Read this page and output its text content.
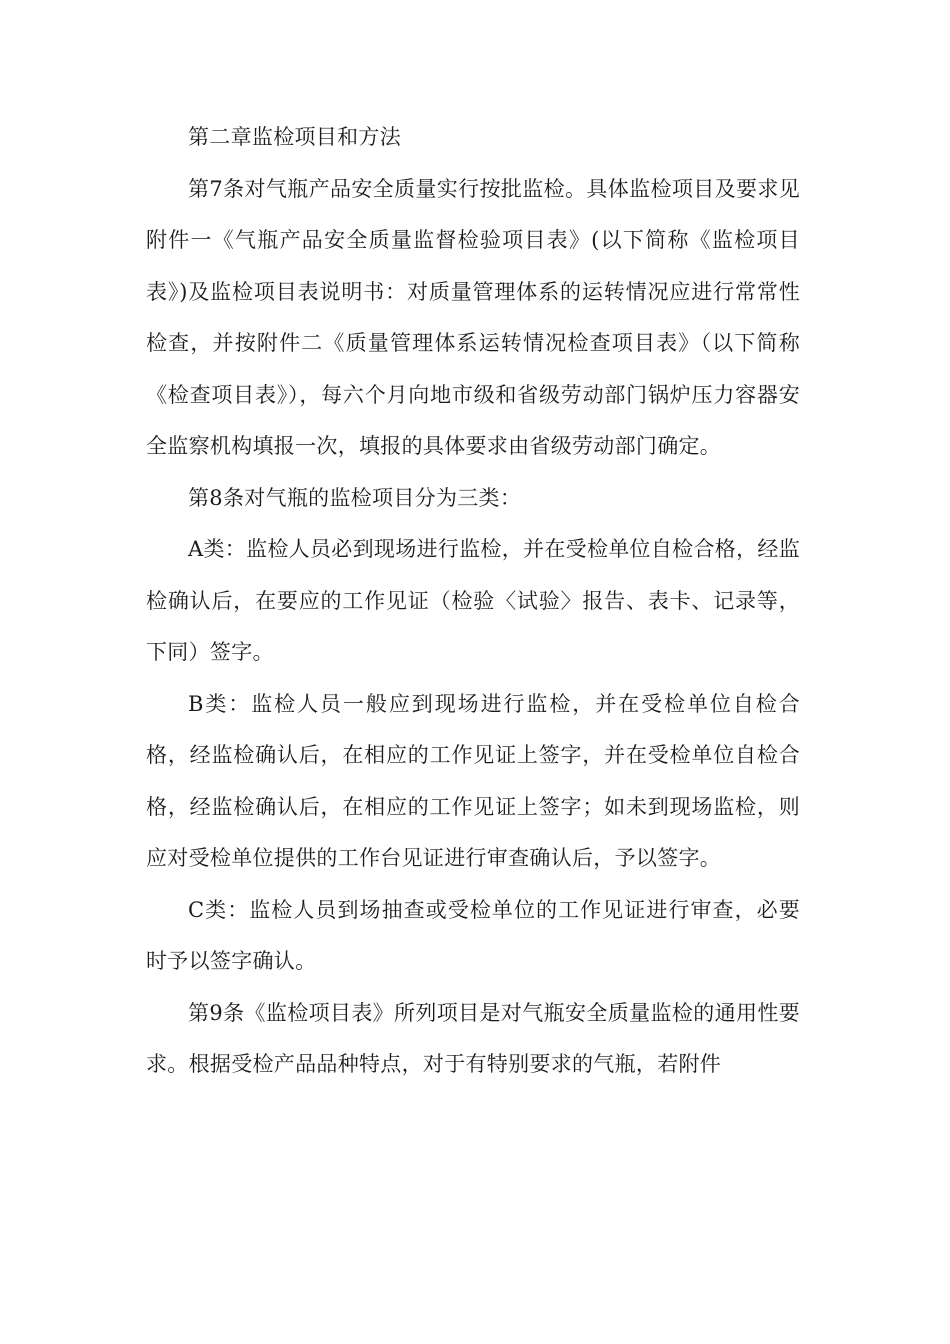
第二章监检项目和方法

第7条对气瓶产品安全质量实行按批监检。具体监检项目及要求见附件一《气瓶产品安全质量监督检验项目表》(以下简称《监检项目表》)及监检项目表说明书：对质量管理体系的运转情况应进行常常性检查，并按附件二《质量管理体系运转情况检查项目表》（以下简称《检查项目表》），每六个月向地市级和省级劳动部门锅炉压力容器安全监察机构填报一次，填报的具体要求由省级劳动部门确定。

第8条对气瓶的监检项目分为三类：

A类：监检人员必到现场进行监检，并在受检单位自检合格，经监检确认后，在要应的工作见证（检验〈试验〉报告、表卡、记录等，下同）签字。

B类：监检人员一般应到现场进行监检，并在受检单位自检合格，经监检确认后，在相应的工作见证上签字，并在受检单位自检合格，经监检确认后，在相应的工作见证上签字；如未到现场监检，则应对受检单位提供的工作台见证进行审查确认后，予以签字。

C类：监检人员到场抽查或受检单位的工作见证进行审查，必要时予以签字确认。

第9条《监检项目表》所列项目是对气瓶安全质量监检的通用性要求。根据受检产品品种特点，对于有特别要求的气瓶，若附件
